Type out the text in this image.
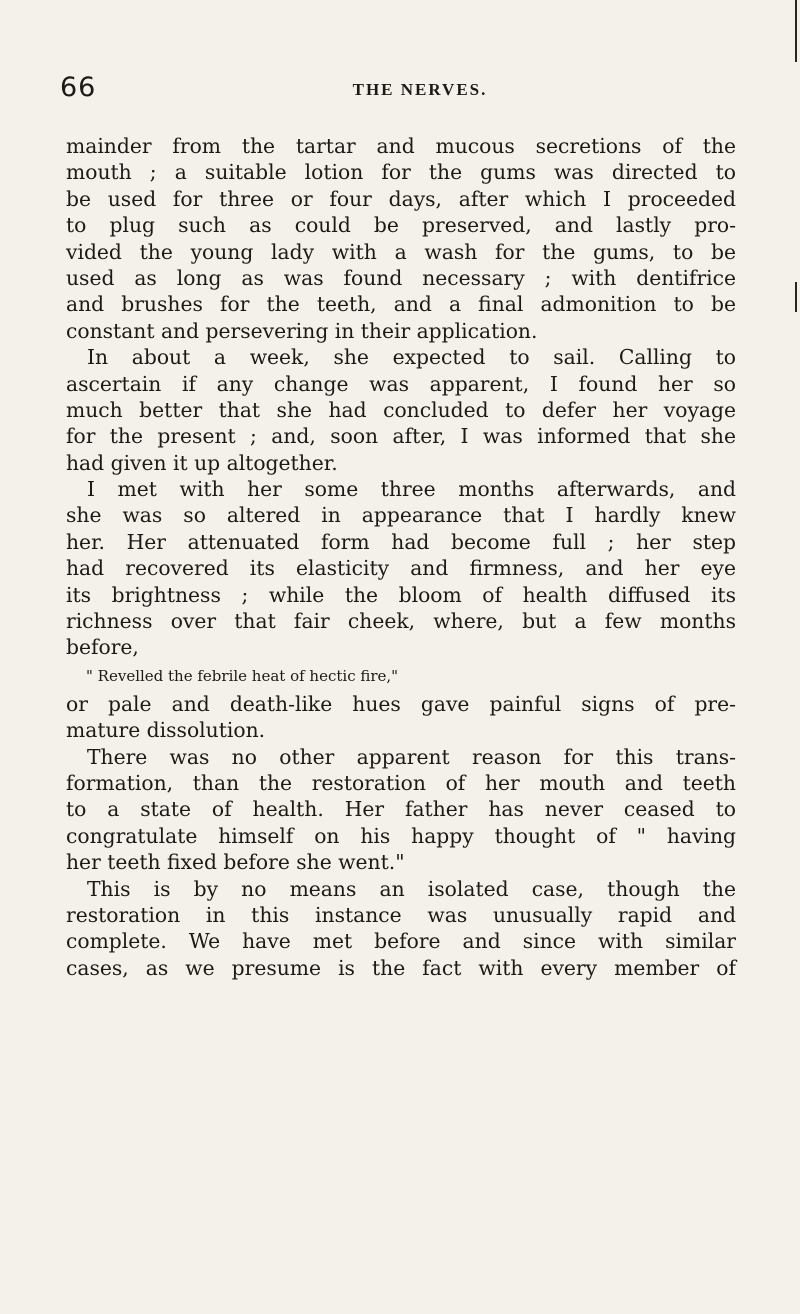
66	THE NERVES.
mainder from the tartar and mucous secretions of the
mouth ; a suitable lotion for the gums was directed to
be used for three or four days, after which I proceeded
to plug such as could be preserved, and lastly pro-
vided the young lady with a wash for the gums, to be
used as long as was found necessary ; with dentifrice
and brushes for the teeth, and a final admonition to be
constant and persevering in their application.
In about a week, she expected to sail. Calling to
ascertain if any change was apparent, I found her so
much better that she had concluded to defer her voyage
for the present ; and, soon after, I was informed that she
had given it up altogether.
I met with her some three months afterwards, and
she was so altered in appearance that I hardly knew
her. Her attenuated form had become full ; her step
had recovered its elasticity and firmness, and her eye
its brightness ; while the bloom of health diffused its
richness over that fair cheek, where, but a few months
before,
" Revelled the febrile heat of hectic fire,"
or pale and death-like hues gave painful signs of pre-
mature dissolution.
There was no other apparent reason for this trans-
formation, than the restoration of her mouth and teeth
to a state of health. Her father has never ceased to
congratulate himself on his happy thought of " having
her teeth fixed before she went."
This is by no means an isolated case, though the
restoration in this instance was unusually rapid and
complete. We have met before and since with similar
cases, as we presume is the fact with every member of
